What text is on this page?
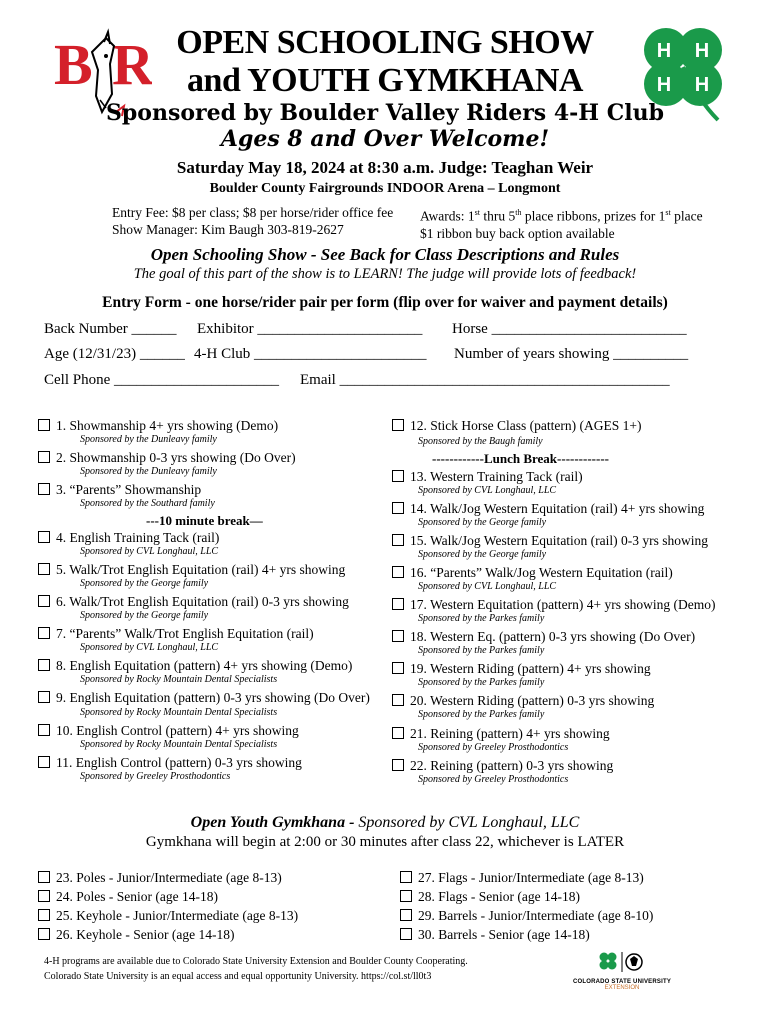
B R	H H
H H
OPEN SCHOOLING SHOW
and YOUTH GYMKHANA
Sponsored by Boulder Valley Riders 4-H Club
Ages 8 and Over Welcome!
Saturday May 18, 2024 at 8:30 a.m. Judge: Teaghan Weir
Boulder County Fairgrounds INDOOR Arena – Longmont
Entry Fee: $8 per class; $8 per horse/rider office fee
Show Manager: Kim Baugh 303-819-2627
Awards: 1st thru 5th place ribbons, prizes for 1st place
$1 ribbon buy back option available
Open Schooling Show - See Back for Class Descriptions and Rules
The goal of this part of the show is to LEARN! The judge will provide lots of feedback!
Entry Form - one horse/rider pair per form (flip over for waiver and payment details)
Back Number ______ Exhibitor ______________________ Horse __________________________
Age (12/31/23) ______ 4-H Club _______________________ Number of years showing __________
Cell Phone ______________________ Email ____________________________________________
1. Showmanship 4+ yrs showing (Demo)
Sponsored by the Dunleavy family
2. Showmanship 0-3 yrs showing (Do Over)
Sponsored by the Dunleavy family
3. “Parents” Showmanship
Sponsored by the Southard family
---10 minute break—
4. English Training Tack (rail)
Sponsored by CVL Longhaul, LLC
5. Walk/Trot English Equitation (rail) 4+ yrs showing
Sponsored by the George family
6. Walk/Trot English Equitation (rail) 0-3 yrs showing
Sponsored by the George family
7. “Parents” Walk/Trot English Equitation (rail)
Sponsored by CVL Longhaul, LLC
8. English Equitation (pattern) 4+ yrs showing (Demo)
Sponsored by Rocky Mountain Dental Specialists
9. English Equitation (pattern) 0-3 yrs showing (Do Over)
Sponsored by Rocky Mountain Dental Specialists
10. English Control (pattern) 4+ yrs showing
Sponsored by Rocky Mountain Dental Specialists
11. English Control (pattern) 0-3 yrs showing
Sponsored by Greeley Prosthodontics
12. Stick Horse Class (pattern) (AGES 1+)
Sponsored by the Baugh family
------------Lunch Break------------
13. Western Training Tack (rail)
Sponsored by CVL Longhaul, LLC
14. Walk/Jog Western Equitation (rail) 4+ yrs showing
Sponsored by the George family
15. Walk/Jog Western Equitation (rail) 0-3 yrs showing
Sponsored by the George family
16. “Parents” Walk/Jog Western Equitation (rail)
Sponsored by CVL Longhaul, LLC
17. Western Equitation (pattern) 4+ yrs showing (Demo)
Sponsored by the Parkes family
18. Western Eq. (pattern) 0-3 yrs showing (Do Over)
Sponsored by the Parkes family
19. Western Riding (pattern) 4+ yrs showing
Sponsored by the Parkes family
20. Western Riding (pattern) 0-3 yrs showing
Sponsored by the Parkes family
21. Reining (pattern) 4+ yrs showing
Sponsored by Greeley Prosthodontics
22. Reining (pattern) 0-3 yrs showing
Sponsored by Greeley Prosthodontics
Open Youth Gymkhana - Sponsored by CVL Longhaul, LLC
Gymkhana will begin at 2:00 or 30 minutes after class 22, whichever is LATER
23. Poles - Junior/Intermediate (age 8-13)
24. Poles - Senior (age 14-18)
25. Keyhole - Junior/Intermediate (age 8-13)
26. Keyhole - Senior (age 14-18)
27. Flags - Junior/Intermediate (age 8-13)
28. Flags - Senior (age 14-18)
29. Barrels - Junior/Intermediate (age 8-10)
30. Barrels - Senior (age 14-18)
4-H programs are available due to Colorado State University Extension and Boulder County Cooperating.
Colorado State University is an equal access and equal opportunity University. https://col.st/ll0t3	COLORADO STATE UNIVERSITY
EXTENSION
